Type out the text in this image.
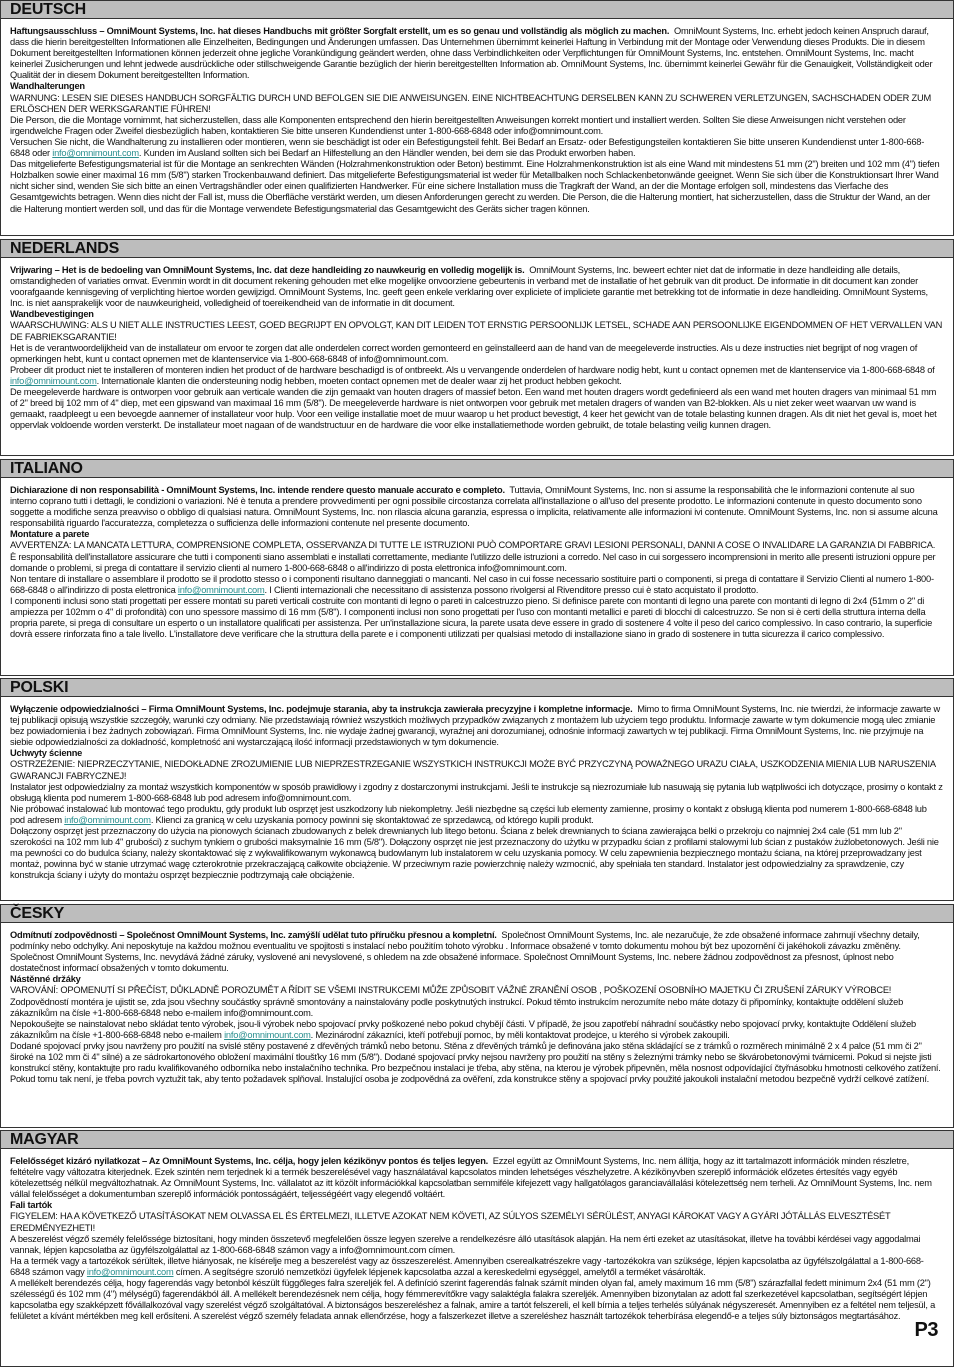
DEUTSCH

Haftungsausschluss – OmniMount Systems, Inc. hat dieses Handbuchs mit größter Sorgfalt erstellt, um es so genau und vollständig als möglich zu machen. OmniMount Systems, Inc. erhebt jedoch keinen Anspruch darauf, dass die hierin bereitgestellten Informationen alle Einzelheiten, Bedingungen und Änderungen umfassen. Das Unternehmen übernimmt keinerlei Haftung in Verbindung mit der Montage oder Verwendung dieses Produkts. Die in diesem Dokument bereitgestellten Informationen können jederzeit ohne jegliche Vorankündigung geändert werden, ohne dass Verbindlichkeiten oder Verpflichtungen für OmniMount Systems, Inc. entstehen. OmniMount Systems, Inc. macht keinerlei Zusicherungen und lehnt jedwede ausdrückliche oder stillschweigende Garantie bezüglich der hierin bereitgestellten Information ab. OmniMount Systems, Inc. übernimmt keinerlei Gewähr für die Genauigkeit, Vollständigkeit oder Qualität der in diesem Dokument bereitgestellten Information.

Wandhalterungen

WARNUNG: LESEN SIE DIESES HANDBUCH SORGFÄLTIG DURCH UND BEFOLGEN SIE DIE ANWEISUNGEN. EINE NICHTBEACHTUNG DERSELBEN KANN ZU SCHWEREN VERLETZUNGEN, SACHSCHADEN ODER ZUM ERLÖSCHEN DER WERKSGARANTIE FÜHREN!

Die Person, die die Montage vornimmt, hat sicherzustellen, dass alle Komponenten entsprechend den hierin bereitgestellten Anweisungen korrekt montiert und installiert werden. Sollten Sie diese Anweisungen nicht verstehen oder irgendwelche Fragen oder Zweifel diesbezüglich haben, kontaktieren Sie bitte unseren Kundendienst unter 1-800-668-6848 oder info@omnimount.com.

Versuchen Sie nicht, die Wandhalterung zu installieren oder montieren, wenn sie beschädigt ist oder ein Befestigungsteil fehlt. Bei Bedarf an Ersatz- oder Befestigungsteilen kontaktieren Sie bitte unseren Kundendienst unter 1-800-668-6848 oder info@omnimount.com. Kunden im Ausland sollten sich bei Bedarf an Hilfestellung an den Händler wenden, bei dem sie das Produkt erworben haben.

Das mitgelieferte Befestigungsmaterial ist für die Montage an senkrechten Wänden (Holzrahmenkonstruktion oder Beton) bestimmt. Eine Holzrahmenkonstruktion ist als eine Wand mit mindestens 51 mm (2") breiten und 102 mm (4") tiefen Holzbalken sowie einer maximal 16 mm (5/8") starken Trockenbauwand definiert. Das mitgelieferte Befestigungsmaterial ist weder für Metallbalken noch Schlackenbetonwände geeignet. Wenn Sie sich über die Konstruktionsart Ihrer Wand nicht sicher sind, wenden Sie sich bitte an einen Vertragshändler oder einen qualifizierten Handwerker. Für eine sichere Installation muss die Tragkraft der Wand, an der die Montage erfolgen soll, mindestens das Vierfache des Gesamtgewichts betragen. Wenn dies nicht der Fall ist, muss die Oberfläche verstärkt werden, um diesen Anforderungen gerecht zu werden. Die Person, die die Halterung montiert, hat sicherzustellen, dass die Struktur der Wand, an der die Halterung montiert werden soll, und das für die Montage verwendete Befestigungsmaterial das Gesamtgewicht des Geräts sicher tragen können.

NEDERLANDS

Vrijwaring – Het is de bedoeling van OmniMount Systems, Inc. dat deze handleiding zo nauwkeurig en volledig mogelijk is. OmniMount Systems, Inc. beweert echter niet dat de informatie in deze handleiding alle details, omstandigheden of variaties omvat. Evenmin wordt in dit document rekening gehouden met elke mogelijke onvoorziene gebeurtenis in verband met de installatie of het gebruik van dit product. De informatie in dit document kan zonder voorafgaande kennisgeving of verplichting hiertoe worden gewijzigd. OmniMount Systems, Inc. geeft geen enkele verklaring over expliciete of impliciete garantie met betrekking tot de informatie in deze handleiding. OmniMount Systems, Inc. is niet aansprakelijk voor de nauwkeurigheid, volledigheid of toereikendheid van de informatie in dit document.

Wandbevestigingen

WAARSCHUWING: ALS U NIET ALLE INSTRUCTIES LEEST, GOED BEGRIJPT EN OPVOLGT, KAN DIT LEIDEN TOT ERNSTIG PERSOONLIJK LETSEL, SCHADE AAN PERSOONLIJKE EIGENDOMMEN OF HET VERVALLEN VAN DE FABRIEKSGARANTIE!

Het is de verantwoordelijkheid van de installateur om ervoor te zorgen dat alle onderdelen correct worden gemonteerd en geïnstalleerd aan de hand van de meegeleverde instructies. Als u deze instructies niet begrijpt of nog vragen of opmerkingen hebt, kunt u contact opnemen met de klantenservice via 1-800-668-6848 of info@omnimount.com.

Probeer dit product niet te installeren of monteren indien het product of de hardware beschadigd is of ontbreekt. Als u vervangende onderdelen of hardware nodig hebt, kunt u contact opnemen met de klantenservice via 1-800-668-6848 of info@omnimount.com. Internationale klanten die ondersteuning nodig hebben, moeten contact opnemen met de dealer waar zij het product hebben gekocht.

De meegeleverde hardware is ontworpen voor gebruik aan verticale wanden die zijn gemaakt van houten dragers of massief beton. Een wand met houten dragers wordt gedefinieerd als een wand met houten dragers van minimaal 51 mm of 2" breed bij 102 mm of 4" diep, met een gipswand van maximaal 16 mm (5/8"). De meegeleverde hardware is niet ontworpen voor gebruik met metalen dragers of wanden van B2-blokken. Als u niet zeker weet waarvan uw wand is gemaakt, raadpleegt u een bevoegde aannemer of installateur voor hulp. Voor een veilige installatie moet de muur waarop u het product bevestigt, 4 keer het gewicht van de totale belasting kunnen dragen. Als dit niet het geval is, moet het oppervlak voldoende worden versterkt. De installateur moet nagaan of de wandstructuur en de hardware die voor elke installatiemethode worden gebruikt, de totale belasting veilig kunnen dragen.

ITALIANO

Dichiarazione di non responsabilità - OmniMount Systems, Inc. intende rendere questo manuale accurato e completo. Tuttavia, OmniMount Systems, Inc. non si assume la responsabilità che le informazioni contenute al suo interno coprano tutti i dettagli, le condizioni o variazioni. Né è tenuta a prendere provvedimenti per ogni possibile circostanza correlata all'installazione o all'uso del presente prodotto. Le informazioni contenute in questo documento sono soggette a modifiche senza preavviso o obbligo di qualsiasi natura. OmniMount Systems, Inc. non rilascia alcuna garanzia, espressa o implicita, relativamente alle informazioni ivi contenute. OmniMount Systems, Inc. non si assume alcuna responsabilità riguardo l'accuratezza, completezza o sufficienza delle informazioni contenute nel presente documento.

Montature a parete

AVVERTENZA: LA MANCATA LETTURA, COMPRENSIONE COMPLETA, OSSERVANZA DI TUTTE LE ISTRUZIONI PUÒ COMPORTARE GRAVI LESIONI PERSONALI, DANNI A COSE O INVALIDARE LA GARANZIA DI FABBRICA.

È responsabilità dell'installatore assicurare che tutti i componenti siano assemblati e installati correttamente, mediante l'utilizzo delle istruzioni a corredo. Nel caso in cui sorgessero incomprensioni in merito alle presenti istruzioni oppure per domande o problemi, si prega di contattare il servizio clienti al numero 1-800-668-6848 o all'indirizzo di posta elettronica info@omnimount.com.

Non tentare di installare o assemblare il prodotto se il prodotto stesso o i componenti risultano danneggiati o mancanti. Nel caso in cui fosse necessario sostituire parti o componenti, si prega di contattare il Servizio Clienti al numero 1-800-668-6848 o all'indirizzo di posta elettronica info@omnimount.com. I Clienti internazionali che necessitano di assistenza possono rivolgersi al Rivenditore presso cui è stato acquistato il prodotto.

I componenti inclusi sono stati progettati per essere montati su pareti verticali costruite con montanti di legno o pareti in calcestruzzo pieno. Si definisce parete con montanti di legno una parete con montanti di legno di 2x4 (51mm o 2" di ampiezza per 102mm o 4" di profondità) con uno spessore massimo di 16 mm (5/8"). I componenti inclusi non sono progettati per l'uso con montanti metallici e pareti di blocchi di calcestruzzo. Se non si è certi della struttura interna della propria parete, si prega di consultare un esperto o un installatore qualificati per assistenza. Per un'installazione sicura, la parete usata deve essere in grado di sostenere 4 volte il peso del carico complessivo. In caso contrario, la superficie dovrà essere rinforzata fino a tale livello. L'installatore deve verificare che la struttura della parete e i componenti utilizzati per qualsiasi metodo di installazione siano in grado di sostenere in tutta sicurezza il carico complessivo.

POLSKI

Wyłączenie odpowiedzialności – Firma OmniMount Systems, Inc. podejmuje starania, aby ta instrukcja zawierała precyzyjne i kompletne informacje. Mimo to firma OmniMount Systems, Inc. nie twierdzi, że informacje zawarte w tej publikacji opisują wszystkie szczegóły, warunki czy odmiany. Nie przedstawiają również wszystkich możliwych przypadków związanych z montażem lub użyciem tego produktu. Informacje zawarte w tym dokumencie mogą ulec zmianie bez powiadomienia i bez żadnych zobowiązań. Firma OmniMount Systems, Inc. nie wydaje żadnej gwarancji, wyraźnej ani dorozumianej, odnośnie informacji zawartych w tej publikacji. Firma OmniMount Systems, Inc. nie przyjmuje na siebie odpowiedzialności za dokładność, kompletność ani wystarczającą ilość informacji przedstawionych w tym dokumencie.

Uchwyty ścienne

OSTRZEŻENIE: NIEPRZECZYTANIE, NIEDOKŁADNE ZROZUMIENIE LUB NIEPRZESTRZEGANIE WSZYSTKICH INSTRUKCJI MOŻE BYĆ PRZYCZYNĄ POWAŻNEGO URAZU CIAŁA, USZKODZENIA MIENIA LUB NARUSZENIA GWARANCJI FABRYCZNEJ!

Instalator jest odpowiedzialny za montaż wszystkich komponentów w sposób prawidłowy i zgodny z dostarczonymi instrukcjami. Jeśli te instrukcje są niezrozumiałe lub nasuwają się pytania lub wątpliwości ich dotyczące, prosimy o kontakt z obsługą klienta pod numerem 1-800-668-6848 lub pod adresem info@omnimount.com.

Nie próbować instalować lub montować tego produktu, gdy produkt lub osprzęt jest uszkodzony lub niekompletny. Jeśli niezbędne są części lub elementy zamienne, prosimy o kontakt z obsługą klienta pod numerem 1-800-668-6848 lub pod adresem info@omnimount.com. Klienci za granicą w celu uzyskania pomocy powinni się skontaktować ze sprzedawcą, od którego kupili produkt.

Dołączony osprzęt jest przeznaczony do użycia na pionowych ścianach zbudowanych z belek drewnianych lub litego betonu. Ściana z belek drewnianych to ściana zawierająca belki o przekroju co najmniej 2x4 cale (51 mm lub 2" szerokości na 102 mm lub 4" grubości) z suchym tynkiem o grubości maksymalnie 16 mm (5/8"). Dołączony osprzęt nie jest przeznaczony do użytku w przypadku ścian z profilami stalowymi lub ścian z pustaków żużlobetonowych. Jeśli nie ma pewności co do budulca ściany, należy skontaktować się z wykwalifikowanym wykonawcą budowlanym lub instalatorem w celu uzyskania pomocy. W celu zapewnienia bezpiecznego montażu ściana, na której przeprowadzany jest montaż, powinna być w stanie utrzymać wagę czterokrotnie przekraczającą całkowite obciążenie. W przeciwnym razie powierzchnię należy wzmocnić, aby spełniała ten standard. Instalator jest odpowiedzialny za sprawdzenie, czy konstrukcja ściany i użyty do montażu osprzęt bezpiecznie podtrzymają całe obciążenie.

ČESKY

Odmítnutí zodpovědnosti – Společnost OmniMount Systems, Inc. zamýšlí udělat tuto příručku přesnou a kompletní. Společnost OmniMount Systems, Inc. ale nezaručuje, že zde obsažené informace zahrnují všechny detaily, podmínky nebo odchylky. Ani neposkytuje na každou možnou eventualitu ve spojitosti s instalací nebo použitím tohoto výrobku . Informace obsažené v tomto dokumentu mohou být bez upozornění či jakéhokoli závazku změněny. Společnost OmniMount Systems, Inc. nevydává žádné záruky, vyslovené ani nevyslovené, s ohledem na zde obsažené informace. Společnost OmniMount Systems, Inc. nebere žádnou zodpovědnost za přesnost, úplnost nebo dostatečnost informací obsažených v tomto dokumentu.

Nástěnné držáky

VAROVÁNÍ: OPOMENUTÍ SI PŘEČÍST, DŮKLADNĚ POROZUMĚT A ŘÍDIT SE VŠEMI INSTRUKCEMI MŮŽE ZPŮSOBIT VÁŽNÉ ZRANĚNÍ OSOB , POŠKOZENÍ OSOBNÍHO MAJETKU ČI ZRUŠENÍ ZÁRUKY VÝROBCE!

Zodpovědností montéra je ujistit se, zda jsou všechny součástky správně smontovány a nainstalovány podle poskytnutých instrukcí. Pokud těmto instrukcím nerozumíte nebo máte dotazy či připomínky, kontaktujte oddělení služeb zákazníkům na čísle +1-800-668-6848 nebo e-mailem info@omnimount.com.

Nepokoušejte se nainstalovat nebo skládat tento výrobek, jsou-li výrobek nebo spojovací prvky poškozené nebo pokud chybějí části. V případě, že jsou zapotřebí náhradní součástky nebo spojovací prvky, kontaktujte Oddělení služeb zákazníkům na čísle +1-800-668-6848 nebo e-mailem info@omnimount.com. Mezinárodní zákazníci, kteří potřebují pomoc, by měli kontaktovat prodejce, u kterého si výrobek zakoupili.

Dodané spojovací prvky jsou navrženy pro použití na svislé stěny postavené z dřevěných trámků nebo betonu. Stěna z dřevěných trámků je definována jako stěna skládající se z trámků o rozměrech minimálně 2 x 4 palce (51 mm či 2" široké na 102 mm či 4" silné) a ze sádrokartonového obložení maximální tloušťky 16 mm (5/8"). Dodané spojovací prvky nejsou navrženy pro použití na stěny s železnými trámky nebo se škvárobetonovými tvárnicemi. Pokud si nejste jisti konstrukcí stěny, kontaktujte pro radu kvalifikovaného odborníka nebo instalačního technika. Pro bezpečnou instalaci je třeba, aby stěna, na kterou je výrobek připevněn, měla nosnost odpovídající čtyřnásobku hmotnosti celkového zatížení. Pokud tomu tak není, je třeba povrch vyztužit tak, aby tento požadavek splňoval. Instalující osoba je zodpovědná za ověření, zda konstrukce stěny a spojovací prvky použité jakoukoli instalační metodou bezpečně vydrží celkové zatížení.

MAGYAR

Felelősséget kizáró nyilatkozat – Az OmniMount Systems, Inc. célja, hogy jelen kézikönyv pontos és teljes legyen. Ezzel együtt az OmniMount Systems, Inc. nem állítja, hogy az itt tartalmazott információk minden részletre, feltételre vagy változatra kiterjednek. Ezek szintén nem terjednek ki a termék beszerelésével vagy használatával kapcsolatos minden lehetséges vészhelyzetre. A kézikönyvben szereplő információk előzetes értesítés vagy egyéb kötelezettség nélkül megváltozhatnak. Az OmniMount Systems, Inc. vállalatot az itt közölt információkkal kapcsolatban semmiféle kifejezett vagy hallgatólagos garanciavállalási kötelezettség nem terheli. Az OmniMount Systems, Inc. nem vállal felelősséget a dokumentumban szereplő információk pontosságáért, teljességéért vagy elegendő voltáért.

Fali tartók

FIGYELEM: HA A KÖVETKEZŐ UTASÍTÁSOKAT NEM OLVASSA EL ÉS ÉRTELMEZI, ILLETVE AZOKAT NEM KÖVETI, AZ SÚLYOS SZEMÉLYI SÉRÜLÉST, ANYAGI KÁROKAT VAGY A GYÁRI JÓTÁLLÁS ELVESZTÉSÉT EREDMÉNYEZHETI!

A beszerelést végző személy felelőssége biztosítani, hogy minden összetevő megfelelően össze legyen szerelve a rendelkezésre álló utasítások alapján. Ha nem érti ezeket az utasításokat, illetve ha további kérdései vagy aggodalmai vannak, lépjen kapcsolatba az ügyfélszolgálattal az 1-800-668-6848 számon vagy a info@omnimount.com címen.

Ha a termék vagy a tartozékok sérültek, illetve hiányosak, ne kísérelje meg a beszerelést vagy az összeszerelést. Amennyiben cserealkatrészekre vagy -tartozékokra van szüksége, lépjen kapcsolatba az ügyfélszolgálattal a 1-800-668-6848 számon vagy info@omnimount.com címen. A segítségre szoruló nemzetközi ügyfelek lépjenek kapcsolatba azzal a kereskedelmi egységgel, amelytől a terméket vásárolták.

A mellékelt berendezés célja, hogy fagerendás vagy betonból készült függőleges falra szereljék fel. A definíció szerint fagerendás falnak számít minden olyan fal, amely maximum 16 mm (5/8") szárazfallal fedett minimum 2x4 (51 mm (2") szélességű és 102 mm (4") mélységű) fagerendákból áll. A mellékelt berendezésnek nem célja, hogy fémmerevítőkre vagy salaktégla falakra szereljék. Amennyiben bizonytalan az adott fal szerkezetével kapcsolatban, segítségért lépjen kapcsolatba egy szakképzett fővállalkozóval vagy szerelést végző szolgáltatóval. A biztonságos beszereléshez a falnak, amire a tartót felszereli, el kell bírnia a teljes terhelés súlyának négyszeresét. Amennyiben ez a feltétel nem teljesül, a felületet a kívánt mértékben meg kell erősíteni. A szerelést végző személy feladata annak ellenőrzése, hogy a falszerkezet illetve a szereléshez használt tartozékok teherbírása elegendő-e a teljes súly biztonságos megtartásához.

P3
